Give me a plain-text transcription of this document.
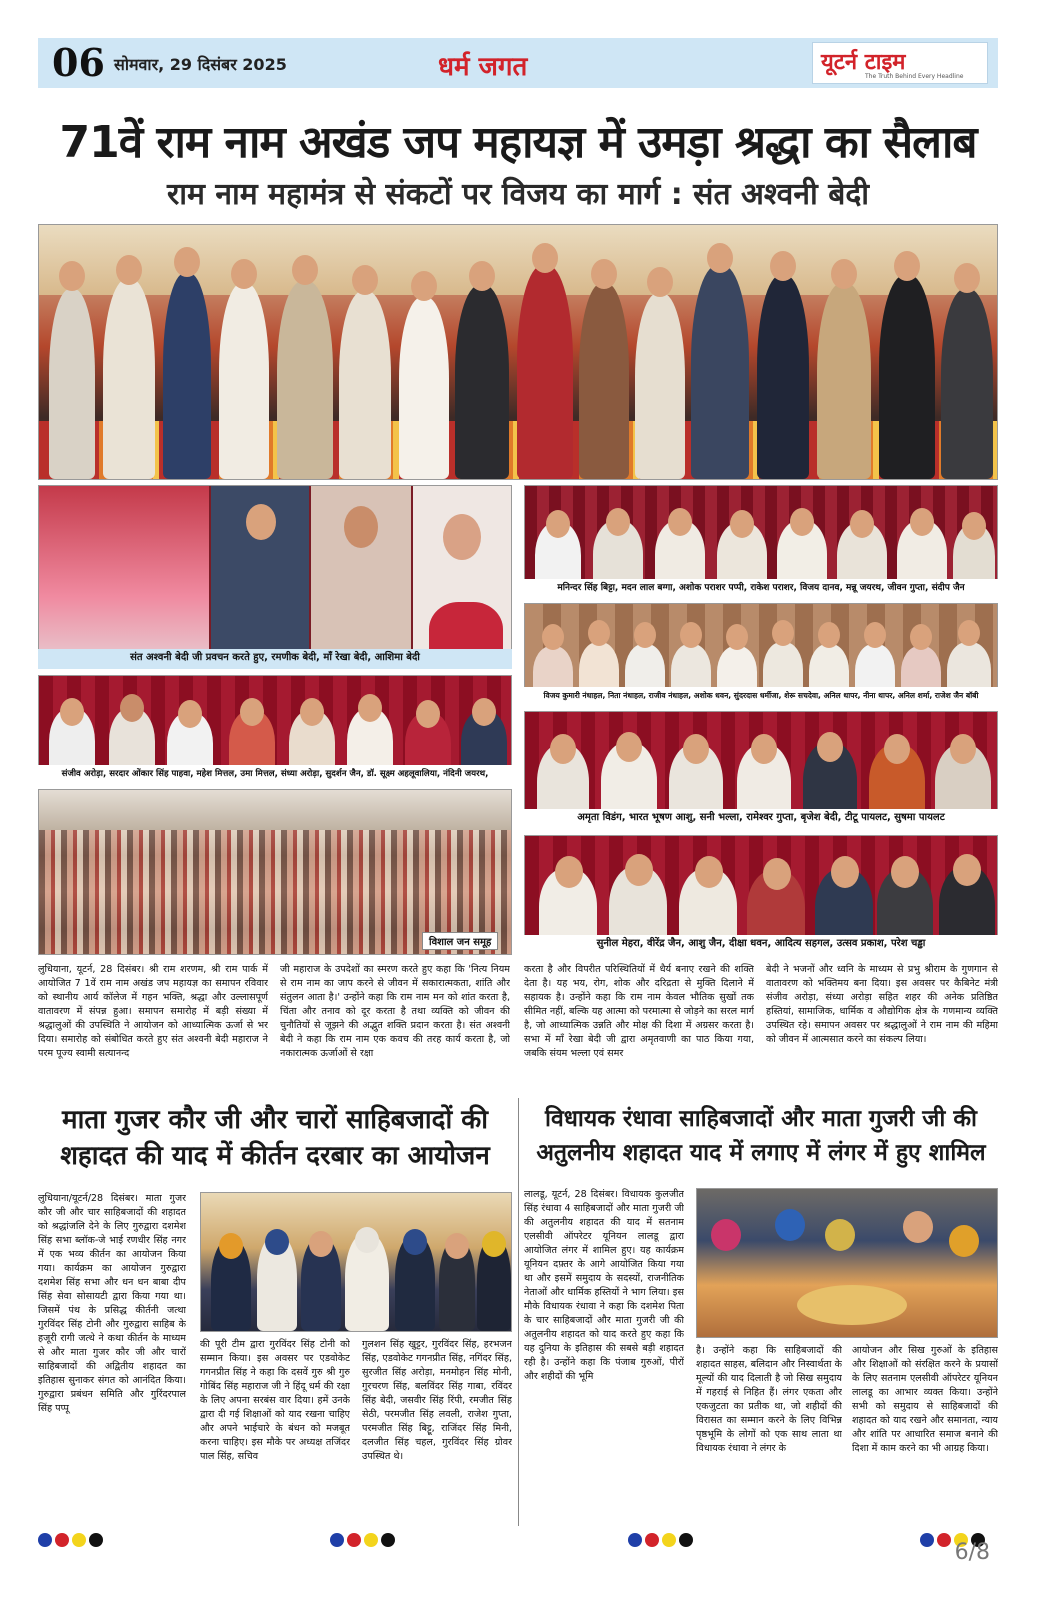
06 सोमवार, 29 दिसंबर 2025	धर्म जगत	यूटर्न टाइम
The Truth Behind Every Headline
71वें राम नाम अखंड जप महायज्ञ में उमड़ा श्रद्धा का सैलाब
राम नाम महामंत्र से संकटों पर विजय का मार्ग : संत अश्वनी बेदी
संत अश्वनी बेदी जी प्रवचन करते हुए, रमणीक बेदी, माँ रेखा बेदी, आशिमा बेदी
संजीव अरोड़ा, सरदार ओंकार सिंह पाहवा, महेश मित्तल, उमा मित्तल, संध्या अरोड़ा, सुदर्शन जैन, डॉ. सूक्ष्म अहलूवालिया, नंदिनी जयरथ,
विशाल जन समूह
मनिन्दर सिंह बिट्टा, मदन लाल बग्गा, अशोक पराशर पप्पी, राकेश पराशर, विजय दानव, मन्नू जयरथ, जीवन गुप्ता, संदीप जैन
विजय कुमारी नंधाहल, निता नंधाहल, राजीव नंधाहल, अशोक धवन, सुंदरदास धर्मीजा, शेरू सचदेवा, अनिल थापर, नीना थापर, अनिल शर्मा, राजेश जैन बॉबी
अमृता विडंग, भारत भूषण आशु, सनी भल्ला, रामेश्वर गुप्ता, बृजेश बेदी, टीटू पायलट, सुषमा पायलट
सुनील मेहरा, वीरेंद्र जैन, आशु जैन, दीक्षा धवन, आदित्य सहगल, उत्सव प्रकाश, परेश चड्ढा
लुधियाना, यूटर्न, 28 दिसंबर। श्री राम शरणम, श्री राम पार्क में आयोजित 7 1वें राम नाम अखंड जप महायज्ञ का समापन रविवार को स्थानीय आर्य कॉलेज में गहन भक्ति, श्रद्धा और उल्लासपूर्ण वातावरण में संपन्न हुआ। समापन समारोह में बड़ी संख्या में श्रद्धालुओं की उपस्थिति ने आयोजन को आध्यात्मिक ऊर्जा से भर दिया। समारोह को संबोधित करते हुए संत अश्वनी बेदी महाराज ने परम पूज्य स्वामी सत्यानन्द
जी महाराज के उपदेशों का स्मरण करते हुए कहा कि 'नित्य नियम से राम नाम का जाप करने से जीवन में सकारात्मकता, शांति और संतुलन आता है।' उन्होंने कहा कि राम नाम मन को शांत करता है, चिंता और तनाव को दूर करता है तथा व्यक्ति को जीवन की चुनौतियों से जूझने की अद्भुत शक्ति प्रदान करता है। संत अश्वनी बेदी ने कहा कि राम नाम एक कवच की तरह कार्य करता है, जो नकारात्मक ऊर्जाओं से रक्षा
करता है और विपरीत परिस्थितियों में धैर्य बनाए रखने की शक्ति देता है। यह भय, रोग, शोक और दरिद्रता से मुक्ति दिलाने में सहायक है। उन्होंने कहा कि राम नाम केवल भौतिक सुखों तक सीमित नहीं, बल्कि यह आत्मा को परमात्मा से जोड़ने का सरल मार्ग है, जो आध्यात्मिक उन्नति और मोक्ष की दिशा में अग्रसर करता है। सभा में माँ रेखा बेदी जी द्वारा अमृतवाणी का पाठ किया गया, जबकि संयम भल्ला एवं समर
बेदी ने भजनों और ध्वनि के माध्यम से प्रभु श्रीराम के गुणगान से वातावरण को भक्तिमय बना दिया। इस अवसर पर कैबिनेट मंत्री संजीव अरोड़ा, संध्या अरोड़ा सहित शहर की अनेक प्रतिष्ठित हस्तियां, सामाजिक, धार्मिक व औद्योगिक क्षेत्र के गणमान्य व्यक्ति उपस्थित रहे। समापन अवसर पर श्रद्धालुओं ने राम नाम की महिमा को जीवन में आत्मसात करने का संकल्प लिया।
माता गुजर कौर जी और चारों साहिबजादों की
शहादत की याद में कीर्तन दरबार का आयोजन
लुधियाना/यूटर्न/28 दिसंबर। माता गुजर कौर जी और चार साहिबजादों की शहादत को श्रद्धांजलि देने के लिए गुरुद्वारा दशमेश सिंह सभा ब्लॉक-जे भाई रणधीर सिंह नगर में एक भव्य कीर्तन का आयोजन किया गया। कार्यक्रम का आयोजन गुरुद्वारा दशमेश सिंह सभा और धन धन बाबा दीप सिंह सेवा सोसायटी द्वारा किया गया था। जिसमें पंथ के प्रसिद्ध कीर्तनी जत्था गुरविंदर सिंह टोनी और गुरुद्वारा साहिब के हजूरी रागी जत्थे ने कथा कीर्तन के माध्यम से और माता गुजर कौर जी और चारों साहिबजादों की अद्वितीय शहादत का इतिहास सुनाकर संगत को आनंदित किया। गुरुद्वारा प्रबंधन समिति और गुरिंदरपाल सिंह पप्पू
की पूरी टीम द्वारा गुरविंदर सिंह टोनी को सम्मान किया। इस अवसर पर एडवोकेट गगनप्रीत सिंह ने कहा कि दसवें गुरु श्री गुरु गोबिंद सिंह महाराज जी ने हिंदू धर्म की रक्षा के लिए अपना सरबंस वार दिया। हमें उनके द्वारा दी गई शिक्षाओं को याद रखना चाहिए और अपने भाईचारे के बंधन को मजबूत करना चाहिए। इस मौके पर अध्यक्ष तजिंदर पाल सिंह, सचिव
गुलशन सिंह खुट्टर, गुरविंदर सिंह, हरभजन सिंह, एडवोकेट गगनप्रीत सिंह, नगिंदर सिंह, सुरजीत सिंह अरोड़ा, मनमोहन सिंह मोनी, गुरचरण सिंह, बलविंदर सिंह गाबा, रविंदर सिंह बेदी, जसवीर सिंह रिंपी, रमजीत सिंह सेठी, परमजीत सिंह लवली, राजेश गुप्ता, परमजीत सिंह बिट्टू, राजिंदर सिंह मिनी, दलजीत सिंह चहल, गुरविंदर सिंह ग्रोवर उपस्थित थे।
विधायक रंधावा साहिबजादों और माता गुजरी जी की
अतुलनीय शहादत याद में लगाए में लंगर में हुए शामिल
लालडू, यूटर्न, 28 दिसंबर। विधायक कुलजीत सिंह रंधावा 4 साहिबजादों और माता गुजरी जी की अतुलनीय शहादत की याद में सतनाम एलसीवी ऑपरेटर यूनियन लालडू द्वारा आयोजित लंगर में शामिल हुए। यह कार्यक्रम यूनियन दफ़्तर के आगे आयोजित किया गया था और इसमें समुदाय के सदस्यों, राजनीतिक नेताओं और धार्मिक हस्तियों ने भाग लिया। इस मौके विधायक रंधावा ने कहा कि दशमेश पिता के चार साहिबजादों और माता गुजरी जी की अतुलनीय शहादत को याद करते हुए कहा कि यह दुनिया के इतिहास की सबसे बड़ी शहादत रही है। उन्होंने कहा कि पंजाब गुरुओं, पीरों और शहीदों की भूमि
है। उन्होंने कहा कि साहिबजादों की शहादत साहस, बलिदान और निस्वार्थता के मूल्यों की याद दिलाती है जो सिख समुदाय में गहराई से निहित हैं। लंगर एकता और एकजुटता का प्रतीक था, जो शहीदों की विरासत का सम्मान करने के लिए विभिन्न पृष्ठभूमि के लोगों को एक साथ लाता था विधायक रंधावा ने लंगर के
आयोजन और सिख गुरुओं के इतिहास और शिक्षाओं को संरक्षित करने के प्रयासों के लिए सतनाम एलसीवी ऑपरेटर यूनियन लालडू का आभार व्यक्त किया। उन्होंने सभी को समुदाय से साहिबजादों की शहादत को याद रखने और समानता, न्याय और शांति पर आधारित समाज बनाने की दिशा में काम करने का भी आग्रह किया।
6/8
